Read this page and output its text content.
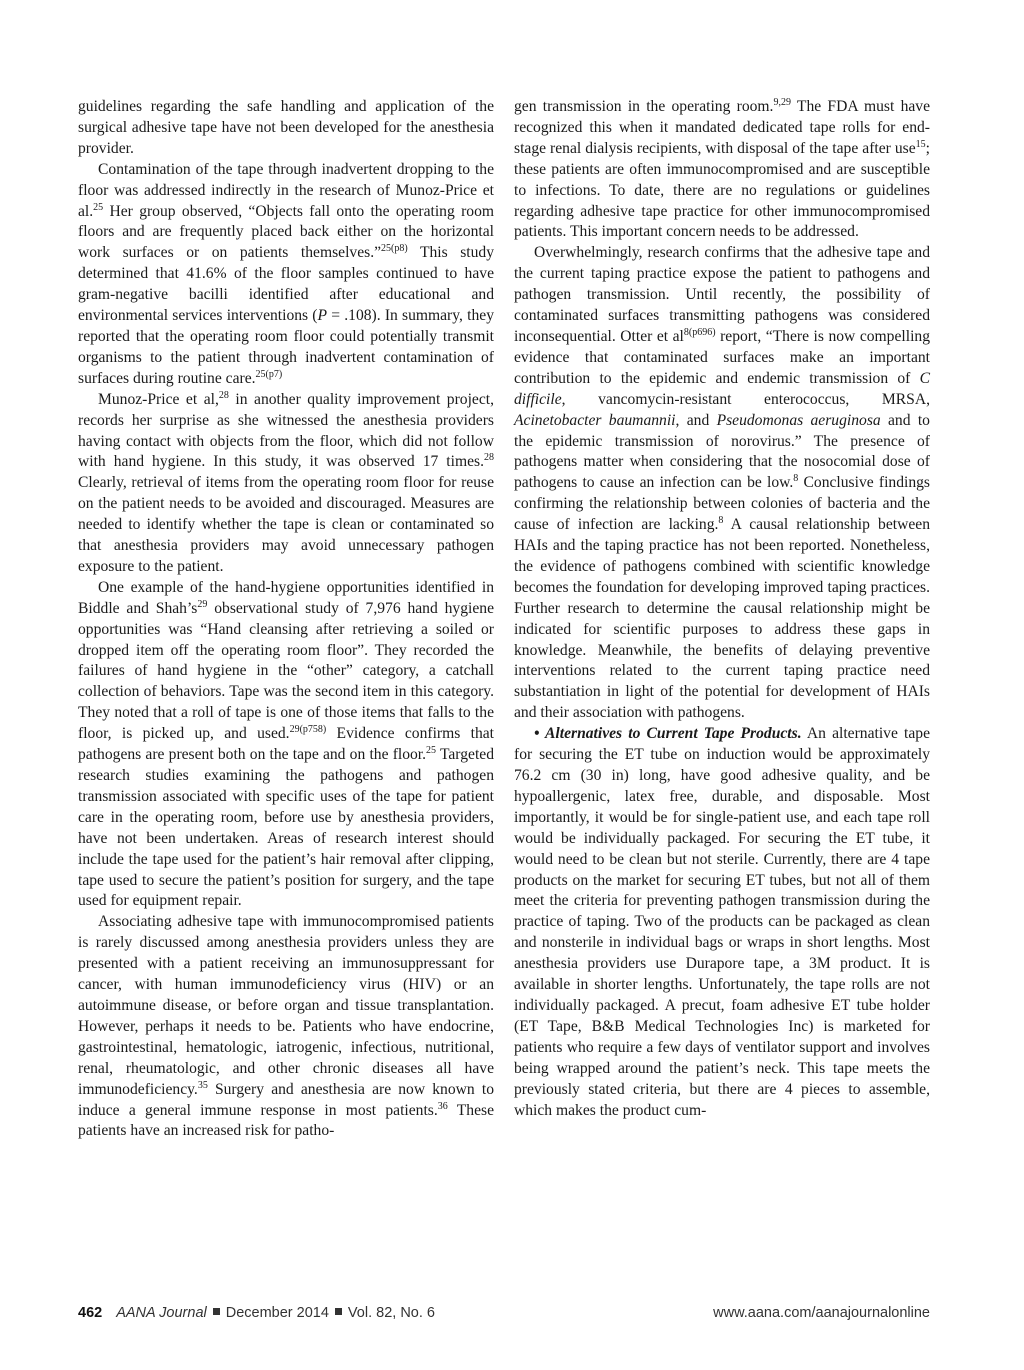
guidelines regarding the safe handling and application of the surgical adhesive tape have not been developed for the anesthesia provider.

Contamination of the tape through inadvertent dropping to the floor was addressed indirectly in the research of Munoz-Price et al.$^{25}$ Her group observed, “Objects fall onto the operating room floors and are frequently placed back either on the horizontal work surfaces or on patients themselves.”$^{25(p8)}$ This study determined that 41.6% of the floor samples continued to have gram-negative bacilli identified after educational and environmental services interventions (P = .108). In summary, they reported that the operating room floor could potentially transmit organisms to the patient through inadvertent contamination of surfaces during routine care.$^{25(p7)}$

Munoz-Price et al,$^{28}$ in another quality improvement project, records her surprise as she witnessed the anesthesia providers having contact with objects from the floor, which did not follow with hand hygiene. In this study, it was observed 17 times.$^{28}$ Clearly, retrieval of items from the operating room floor for reuse on the patient needs to be avoided and discouraged. Measures are needed to identify whether the tape is clean or contaminated so that anesthesia providers may avoid unnecessary pathogen exposure to the patient.

One example of the hand-hygiene opportunities identified in Biddle and $Shah’s^{29}$ observational study of 7,976 hand hygiene opportunities was “Hand cleansing after retrieving a soiled or dropped item off the operating room floor”. They recorded the failures of hand hygiene in the “other” category, a catchall collection of behaviors. Tape was the second item in this category. They noted that a roll of tape is one of those items that falls to the floor, is picked up, and used.$^{29(p758)}$ Evidence confirms that pathogens are present both on the tape and on the floor.$^{25}$ Targeted research studies examining the pathogens and pathogen transmission associated with specific uses of the tape for patient care in the operating room, before use by anesthesia providers, have not been undertaken. Areas of research interest should include the tape used for the patient’s hair removal after clipping, tape used to secure the patient’s position for surgery, and the tape used for equipment repair.

Associating adhesive tape with immunocompromised patients is rarely discussed among anesthesia providers unless they are presented with a patient receiving an immunosuppressant for cancer, with human immunodeficiency virus (HIV) or an autoimmune disease, or before organ and tissue transplantation. However, perhaps it needs to be. Patients who have endocrine, gastrointestinal, hematologic, iatrogenic, infectious, nutritional, renal, rheumatologic, and other chronic diseases all have immunodeficiency.$^{35}$ Surgery and anesthesia are now known to induce a general immune response in most patients.$^{36}$ These patients have an increased risk for patho-

gen transmission in the operating room.$^{9,29}$ The FDA must have recognized this when it mandated dedicated tape rolls for end-stage renal dialysis recipients, with disposal of the tape after use$^{15}$; these patients are often immunocompromised and are susceptible to infections. To date, there are no regulations or guidelines regarding adhesive tape practice for other immunocompromised patients. This important concern needs to be addressed.

Overwhelmingly, research confirms that the adhesive tape and the current taping practice expose the patient to pathogens and pathogen transmission. Until recently, the possibility of contaminated surfaces transmitting pathogens was considered inconsequential. Otter et $al^{8(p696)}$ report, “There is now compelling evidence that contaminated surfaces make an important contribution to the epidemic and endemic transmission of C difficile, vancomycin-resistant enterococcus, MRSA, Acinetobacter baumannii, and Pseudomonas aeruginosa and to the epidemic transmission of norovirus.” The presence of pathogens matter when considering that the nosocomial dose of pathogens to cause an infection can be low.$^8$ Conclusive findings confirming the relationship between colonies of bacteria and the cause of infection are lacking.$^8$ A causal relationship between HAIs and the taping practice has not been reported. Nonetheless, the evidence of pathogens combined with scientific knowledge becomes the foundation for developing improved taping practices. Further research to determine the causal relationship might be indicated for scientific purposes to address these gaps in knowledge. Meanwhile, the benefits of delaying preventive interventions related to the current taping practice need substantiation in light of the potential for development of HAIs and their association with pathogens.

• Alternatives to Current Tape Products. An alternative tape for securing the ET tube on induction would be approximately 76.2 cm (30 in) long, have good adhesive quality, and be hypoallergenic, latex free, durable, and disposable. Most importantly, it would be for single-patient use, and each tape roll would be individually packaged. For securing the ET tube, it would need to be clean but not sterile. Currently, there are 4 tape products on the market for securing ET tubes, but not all of them meet the criteria for preventing pathogen transmission during the practice of taping. Two of the products can be packaged as clean and nonsterile in individual bags or wraps in short lengths. Most anesthesia providers use Durapore tape, a 3M product. It is available in shorter lengths. Unfortunately, the tape rolls are not individually packaged. A precut, foam adhesive ET tube holder (ET Tape, B&B Medical Technologies Inc) is marketed for patients who require a few days of ventilator support and involves being wrapped around the patient’s neck. This tape meets the previously stated criteria, but there are 4 pieces to assemble, which makes the product cum-

462 AANA Journal December 2014 Vol. 82, No. 6	www.aana.com/aanajournalonline
